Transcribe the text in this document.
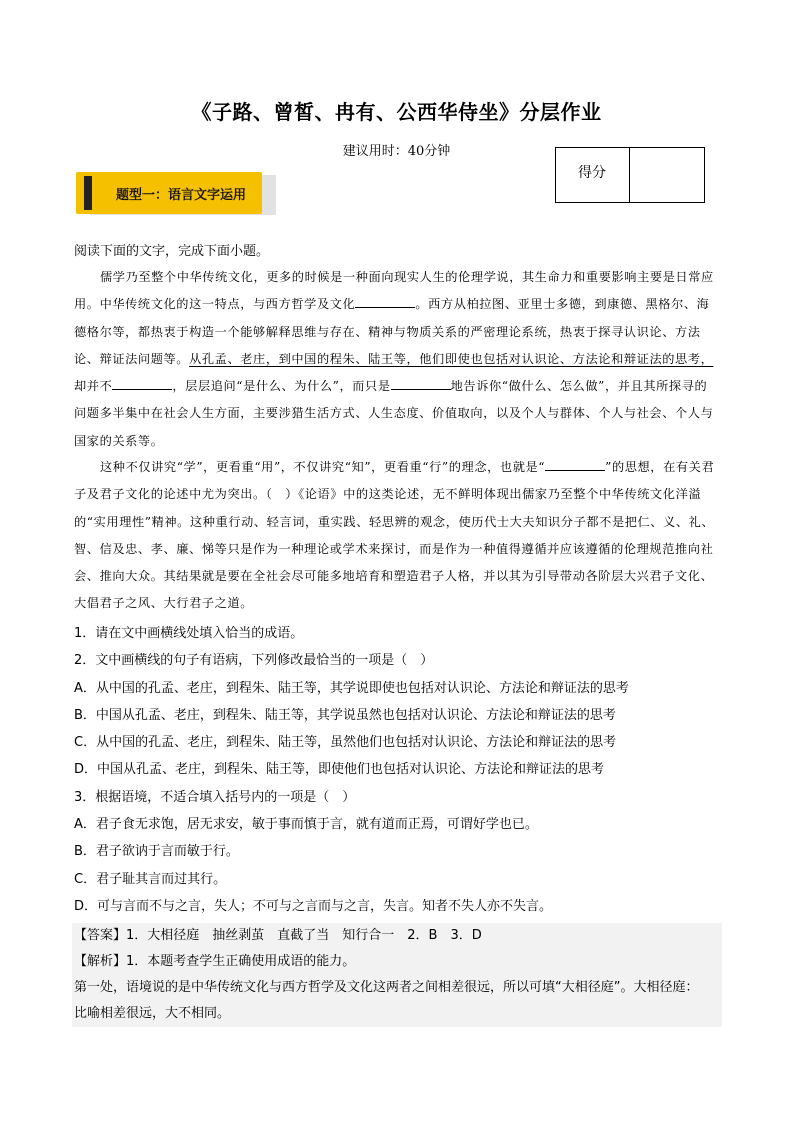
《子路、曾皙、冉有、公西华侍坐》分层作业
建议用时：40分钟
得分
题型一：语言文字运用
阅读下面的文字，完成下面小题。

儒学乃至整个中华传统文化，更多的时候是一种面向现实人生的伦理学说，其生命力和重要影响主要是日常应用。中华传统文化的这一特点，与西方哲学及文化	。西方从柏拉图、亚里士多德，到康德、黑格尔、海德格尔等，都热衷于构造一个能够解释思维与存在、精神与物质关系的严密理论系统，热衷于探寻认识论、方法论、辩证法问题等。从孔孟、老庄，到中国的程朱、陆王等，他们即使也包括对认识论、方法论和辩证法的思考，却并不	，层层追问“是什么、为什么”，而只是	地告诉你“做什么、怎么做”，并且其所探寻的问题多半集中在社会人生方面，主要涉猎生活方式、人生态度、价值取向，以及个人与群体、个人与社会、个人与国家的关系等。

这种不仅讲究“学”，更看重“用”，不仅讲究“知”，更看重“行”的理念，也就是“	”的思想，在有关君子及君子文化的论述中尤为突出。（　）《论语》中的这类论述，无不鲜明体现出儒家乃至整个中华传统文化洋溢的“实用理性”精神。这种重行动、轻言词，重实践、轻思辨的观念，使历代士大夫知识分子都不是把仁、义、礼、智、信及忠、孝、廉、悌等只是作为一种理论或学术来探讨，而是作为一种值得遵循并应该遵循的伦理规范推向社会、推向大众。其结果就是要在全社会尽可能多地培育和塑造君子人格，并以其为引导带动各阶层大兴君子文化、大倡君子之风、大行君子之道。

1．请在文中画横线处填入恰当的成语。
2．文中画横线的句子有语病，下列修改最恰当的一项是（　）
A．从中国的孔孟、老庄，到程朱、陆王等，其学说即使也包括对认识论、方法论和辩证法的思考
B．中国从孔孟、老庄，到程朱、陆王等，其学说虽然也包括对认识论、方法论和辩证法的思考
C．从中国的孔孟、老庄，到程朱、陆王等，虽然他们也包括对认识论、方法论和辩证法的思考
D．中国从孔孟、老庄，到程朱、陆王等，即使他们也包括对认识论、方法论和辩证法的思考
3．根据语境，不适合填入括号内的一项是（　）
A．君子食无求饱，居无求安，敏于事而慎于言，就有道而正焉，可谓好学也已。
B．君子欲讷于言而敏于行。
C．君子耻其言而过其行。
D．可与言而不与之言，失人；不可与之言而与之言，失言。知者不失人亦不失言。
【答案】1．大相径庭　抽丝剥茧　直截了当　知行合一　2．B　3．D
【解析】1．本题考查学生正确使用成语的能力。
第一处，语境说的是中华传统文化与西方哲学及文化这两者之间相差很远，所以可填“大相径庭”。大相径庭：
比喻相差很远，大不相同。
